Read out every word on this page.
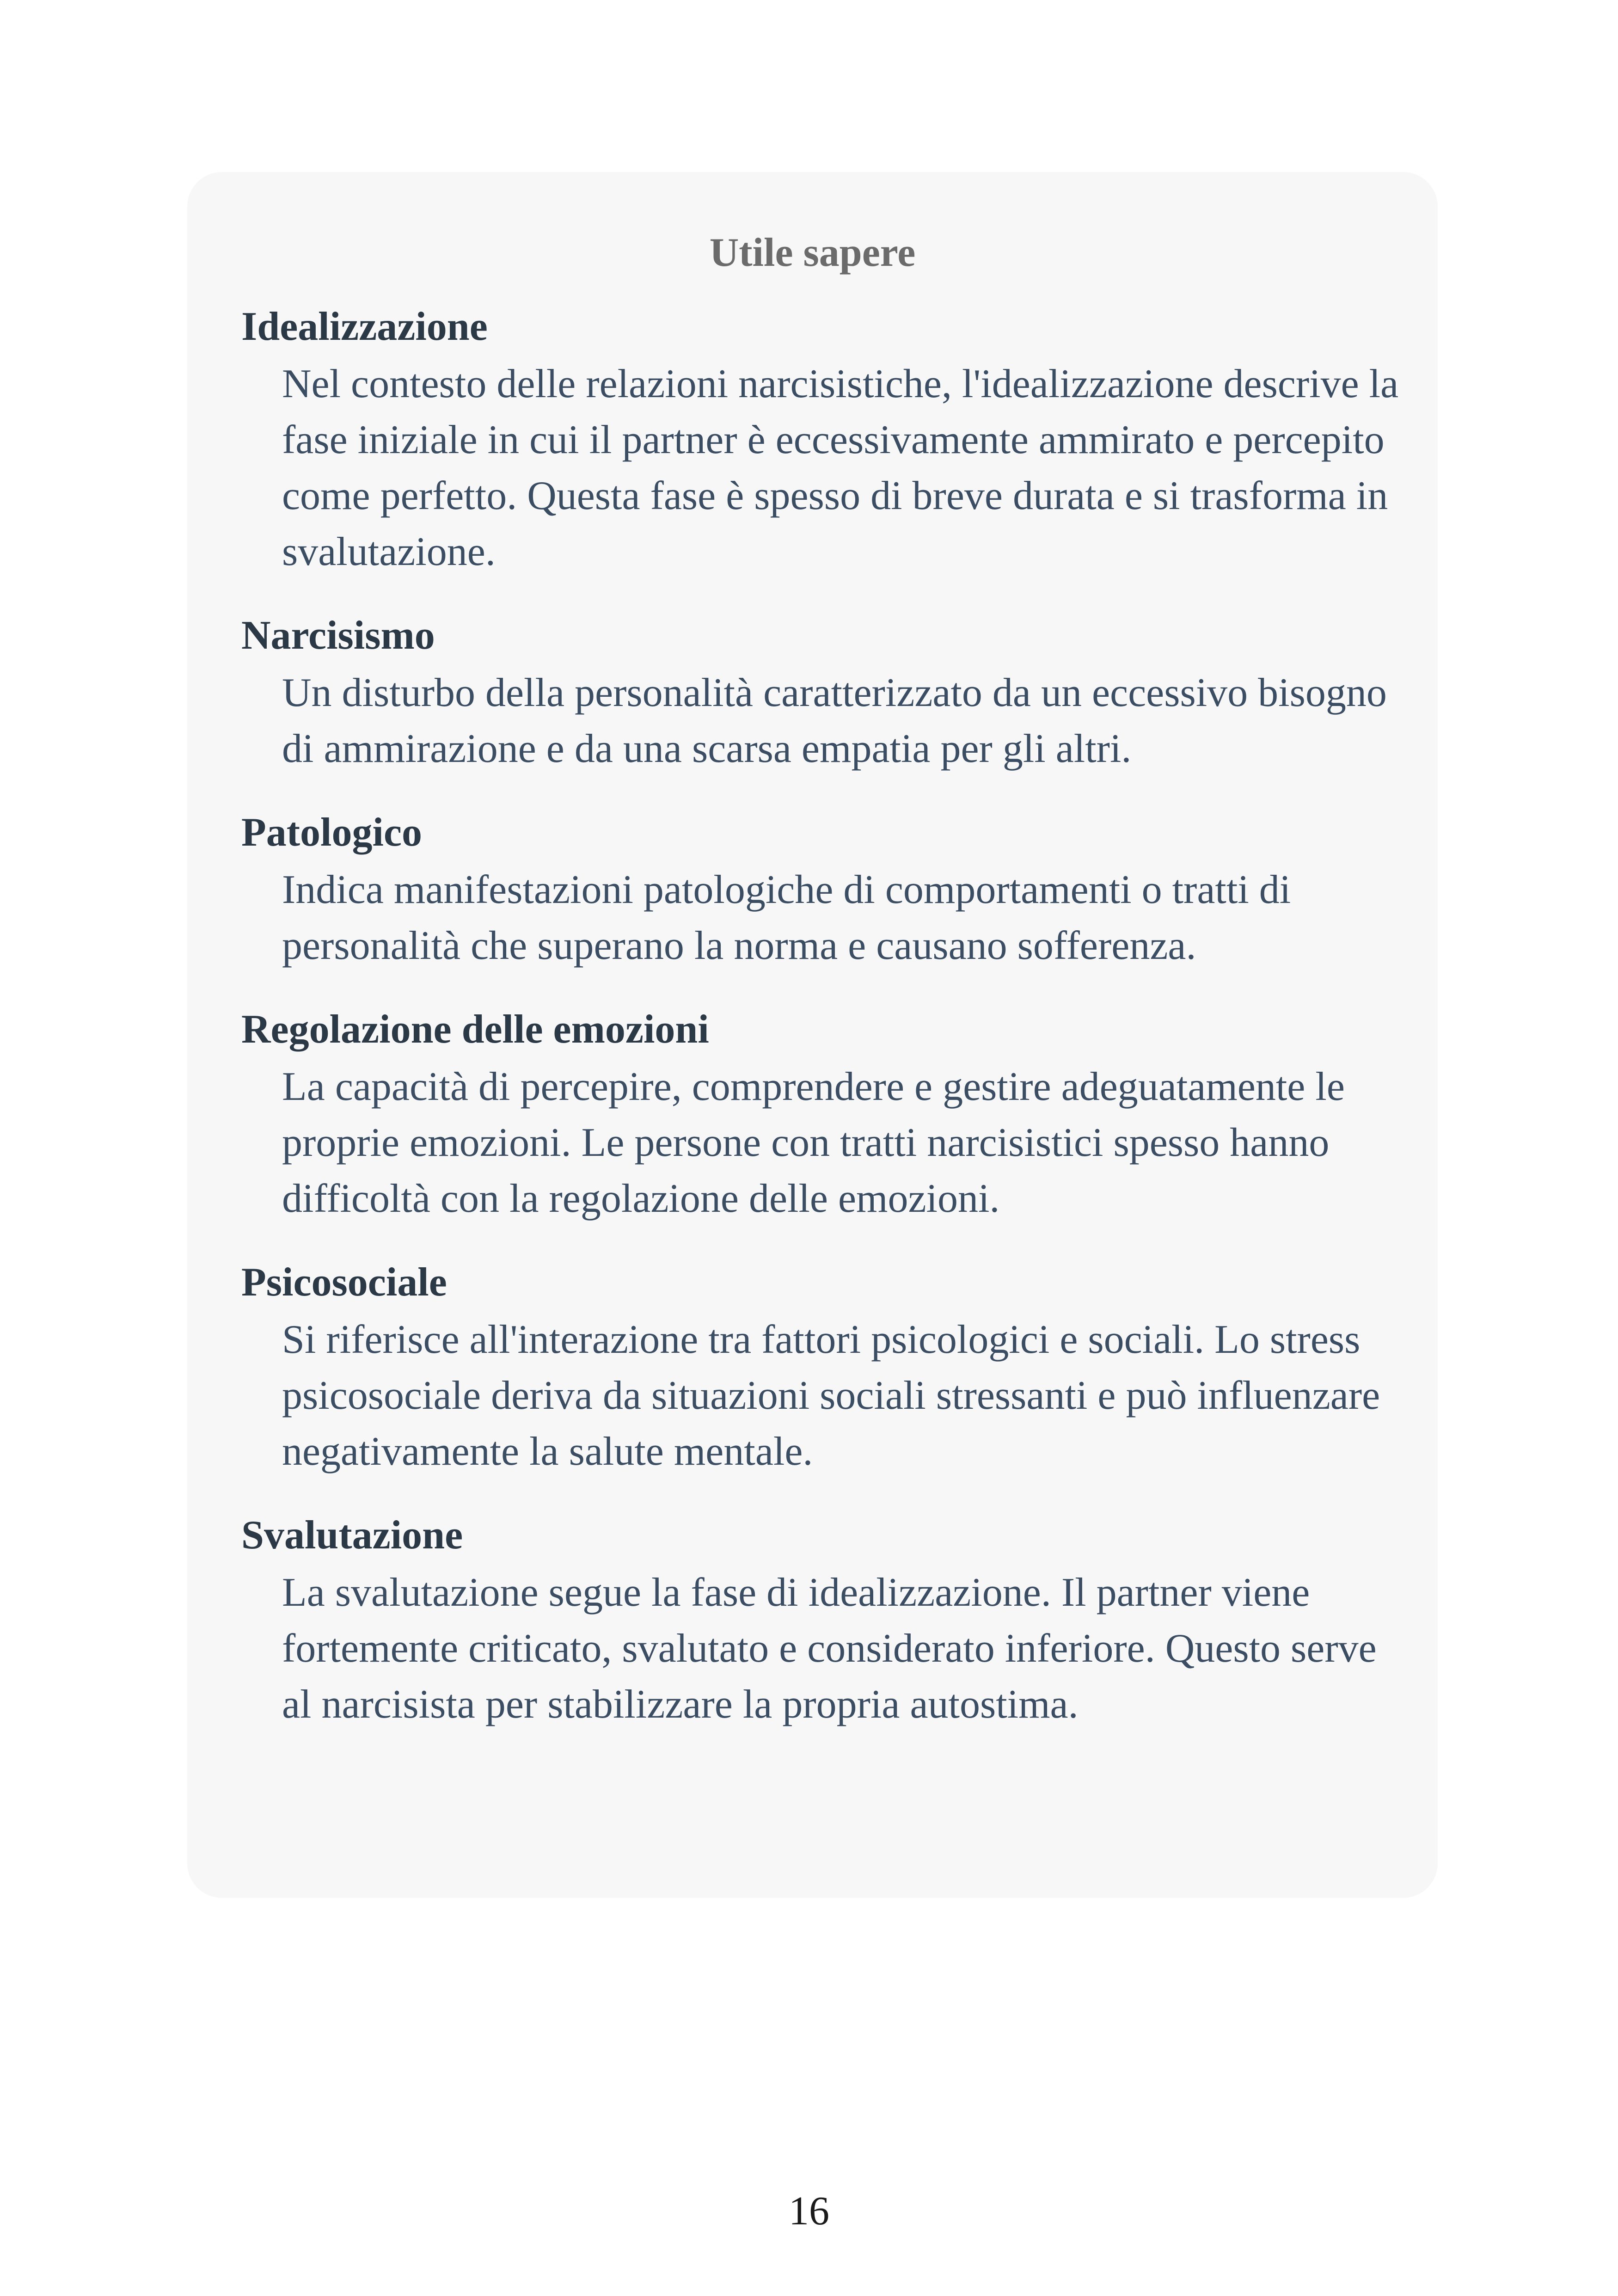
Utile sapere
Idealizzazione
Nel contesto delle relazioni narcisistiche, l'idealizzazione descrive la fase iniziale in cui il partner è eccessivamente ammirato e percepito come perfetto. Questa fase è spesso di breve durata e si trasforma in svalutazione.
Narcisismo
Un disturbo della personalità caratterizzato da un eccessivo bisogno di ammirazione e da una scarsa empatia per gli altri.
Patologico
Indica manifestazioni patologiche di comportamenti o tratti di personalità che superano la norma e causano sofferenza.
Regolazione delle emozioni
La capacità di percepire, comprendere e gestire adeguatamente le proprie emozioni. Le persone con tratti narcisistici spesso hanno difficoltà con la regolazione delle emozioni.
Psicosociale
Si riferisce all'interazione tra fattori psicologici e sociali. Lo stress psicosociale deriva da situazioni sociali stressanti e può influenzare negativamente la salute mentale.
Svalutazione
La svalutazione segue la fase di idealizzazione. Il partner viene fortemente criticato, svalutato e considerato inferiore. Questo serve al narcisista per stabilizzare la propria autostima.
16
